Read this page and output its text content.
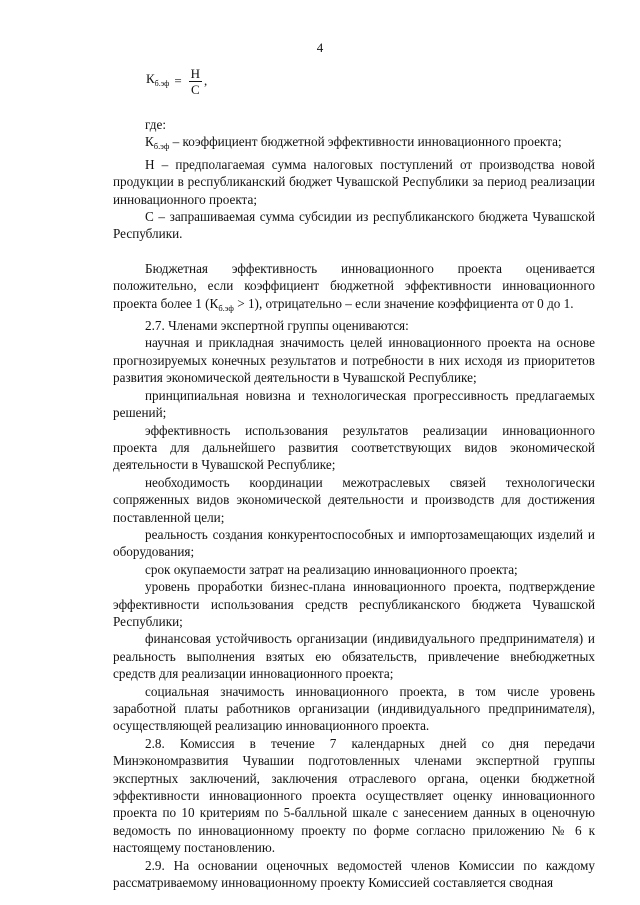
4
$К_{б.эф} = \frac{Н}{С}$ ,

где:

$К_{б.эф}$ – коэффициент бюджетной эффективности инновационного проекта;

Н – предполагаемая сумма налоговых поступлений от производства новой продукции в республиканский бюджет Чувашской Республики за период реализации инновационного проекта;

С – запрашиваемая сумма субсидии из республиканского бюджета Чувашской Республики.

Бюджетная эффективность инновационного проекта оценивается положительно, если коэффициент бюджетной эффективности инновационного проекта более 1 $(К_{б.эф} > 1)$, отрицательно – если значение коэффициента от 0 до 1.

2.7. Членами экспертной группы оцениваются:

научная и прикладная значимость целей инновационного проекта на основе прогнозируемых конечных результатов и потребности в них исходя из приоритетов развития экономической деятельности в Чувашской Республике;

принципиальная новизна и технологическая прогрессивность предлагаемых решений;

эффективность использования результатов реализации инновационного проекта для дальнейшего развития соответствующих видов экономической деятельности в Чувашской Республике;

необходимость координации межотраслевых связей технологически сопряженных видов экономической деятельности и производств для достижения поставленной цели;

реальность создания конкурентоспособных и импортозамещающих изделий и оборудования;

срок окупаемости затрат на реализацию инновационного проекта;

уровень проработки бизнес-плана инновационного проекта, подтверждение эффективности использования средств республиканского бюджета Чувашской Республики;

финансовая устойчивость организации (индивидуального предпринимателя) и реальность выполнения взятых ею обязательств, привлечение внебюджетных средств для реализации инновационного проекта;

социальная значимость инновационного проекта, в том числе уровень заработной платы работников организации (индивидуального предпринимателя), осуществляющей реализацию инновационного проекта.

2.8. Комиссия в течение 7 календарных дней со дня передачи Минэкономразвития Чувашии подготовленных членами экспертной группы экспертных заключений, заключения отраслевого органа, оценки бюджетной эффективности инновационного проекта осуществляет оценку инновационного проекта по 10 критериям по 5-балльной шкале с занесением данных в оценочную ведомость по инновационному проекту по форме согласно приложению № 6 к настоящему постановлению.

2.9. На основании оценочных ведомостей членов Комиссии по каждому рассматриваемому инновационному проекту Комиссией составляется сводная
